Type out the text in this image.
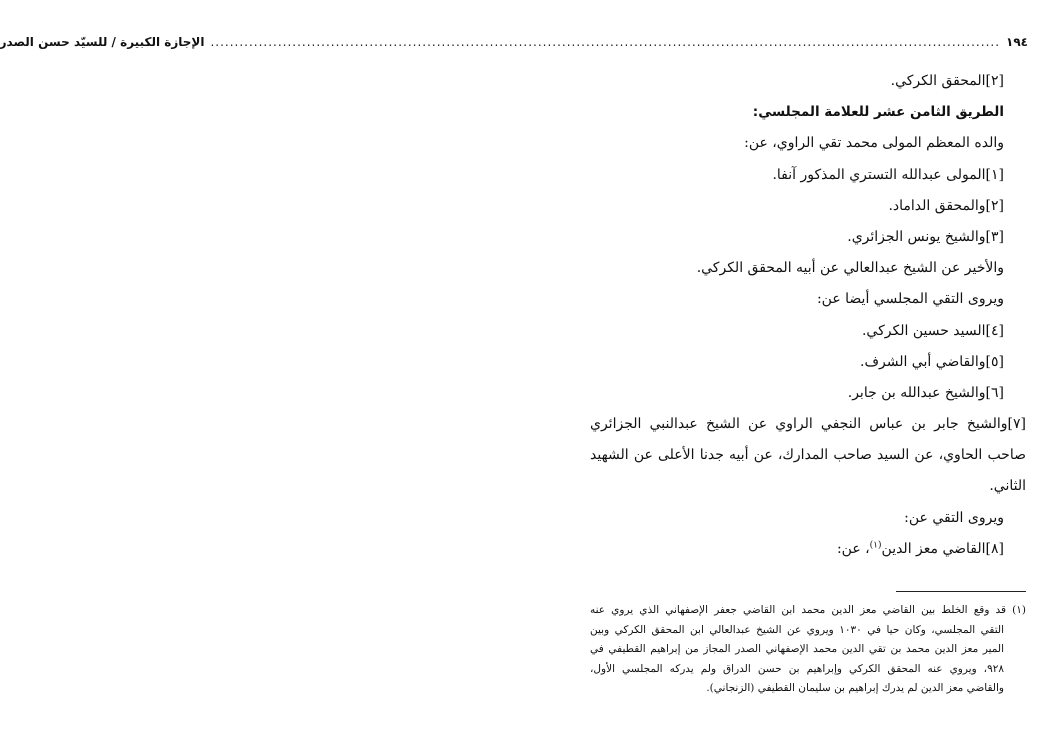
١٩٤
....................................................................................................................................................................
الإجازة الكبيرة / للسيّد حسن الصدر
[٢]المحقق الكركي.
الطريق الثامن عشر للعلامة المجلسي:
والده المعظم المولى محمد تقي الراوي، عن:
[١]المولى عبدالله التستري المذكور آنفا.
[٢]والمحقق الداماد.
[٣]والشيخ يونس الجزائري.
والأخير عن الشيخ عبدالعالي عن أبيه المحقق الكركي.
ويروى التقي المجلسي أيضا عن:
[٤]السيد حسين الكركي.
[٥]والقاضي أبي الشرف.
[٦]والشيخ عبدالله بن جابر.
[٧]والشيخ جابر بن عباس النجفي الراوي عن الشيخ عبدالنبي الجزائري
صاحب الحاوي، عن السيد صاحب المدارك، عن أبيه جدنا الأعلى عن الشهيد
الثاني.
ويروى التقي عن:
[٨]القاضي معز الدين$^{(١)}$، عن:
(١) قد وقع الخلط بين القاضي معز الدين محمد ابن القاضي جعفر الإصفهاني الذي يروي عنه
التقي المجلسي، وكان حيا في ١٠٣٠ ويروي عن الشيخ عبدالعالي ابن المحقق الكركي وبين
المير معز الدين محمد بن تقي الدين محمد الإصفهاني الصدر المجاز من إبراهيم القطيفي في
٩٢٨، ويروي عنه المحقق الكركي وإبراهيم بن حسن الدراق ولم يدركه المجلسي الأول،
والقاضي معز الدين لم يدرك إبراهيم بن سليمان القطيفي (الزنجاني).
